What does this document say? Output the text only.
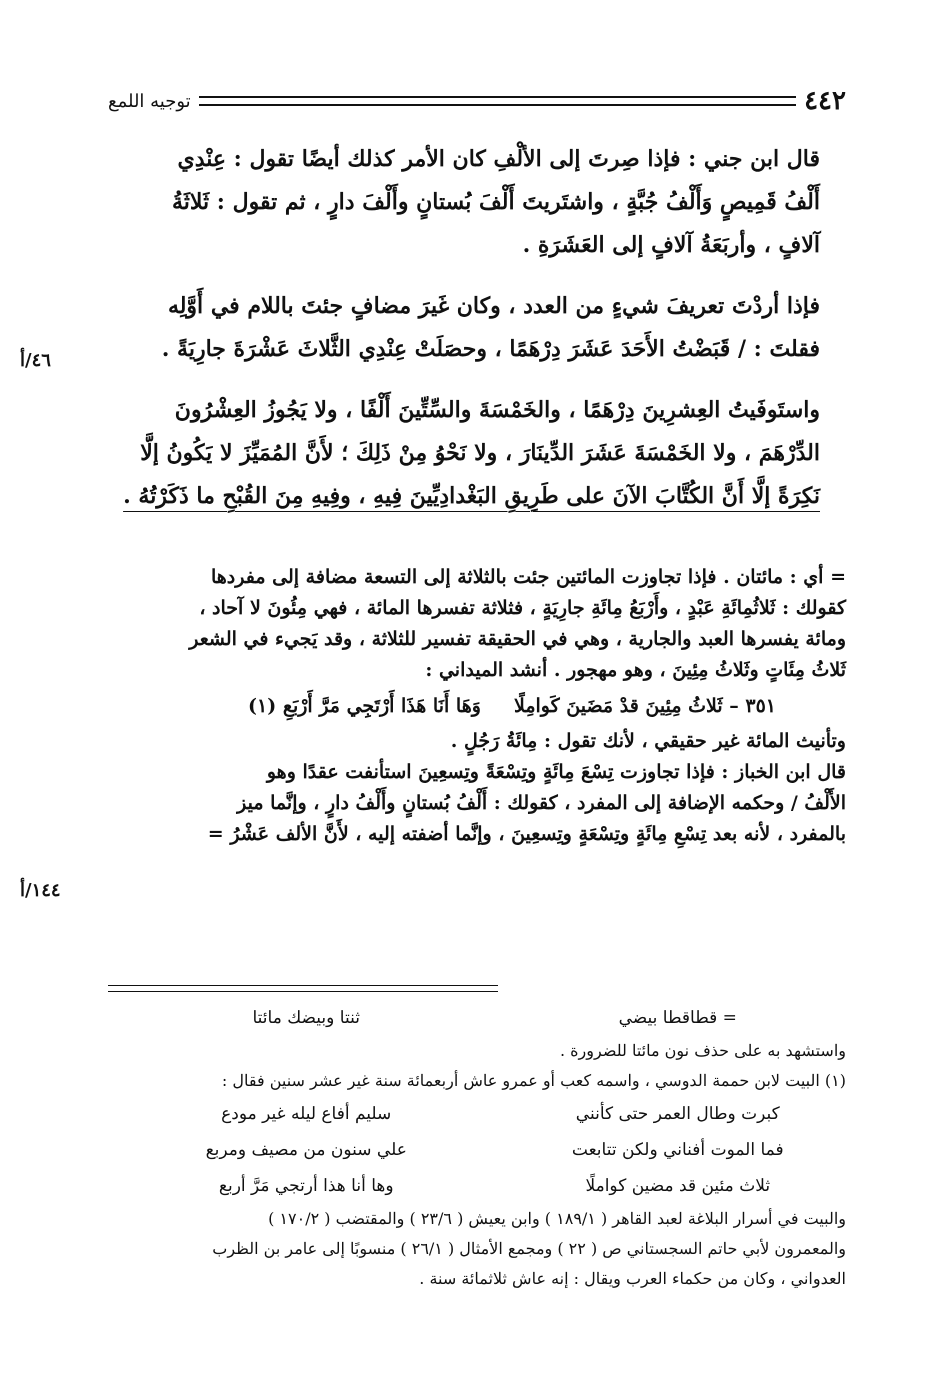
٤٤٢
توجيه اللمع
قال ابن جني : فإذا صِرتَ إلى الألْفِ كان الأمر كذلك أيضًا تقول : عِنْدِي
أَلْفُ قَمِيصٍ وَأَلْفُ جُبَّةٍ ، واشتَريتَ أَلْفَ بُستانٍ وأَلْفَ دارٍ ، ثم تقول : ثَلاثَةُ
آلافٍ ، وأربَعَةُ آلافٍ إلى العَشَرَةِ .
فإذا أردْتَ تعريفَ شيءٍ من العدد ، وكان غَيرَ مضافٍ جئتَ باللام في أَوَّلِه
فقلتَ : / قَبَضْتُ الأَحَدَ عَشَرَ دِرْهَمًا ، وحصَلَتْ عِنْدِي الثَّلاثَ عَشْرَةَ جارِيَةً .
واستَوفَيتُ العِشرِينَ دِرْهَمًا ، والخَمْسَةَ والسِّتِّينَ أَلْفًا ، ولا يَجُوزُ العِشْرُونَ
الدِّرْهَمَ ، ولا الخَمْسَةَ عَشَرَ الدِّينَارَ ، ولا نَحْوُ مِنْ ذَلِكَ ؛ لأَنَّ المُمَيِّزَ لا يَكُونُ إلَّا
نَكِرَةً إلَّا أَنَّ الكُتَّابَ الآنَ على طَرِيقِ البَغْدادِيِّينَ فِيهِ ، وفِيهِ مِنَ القُبْحِ ما ذَكَرْتُهُ .
٤٦/أ
= أي : مائتان . فإذا تجاوزت المائتين جئت بالثلاثة إلى التسعة مضافة إلى مفردها
كقولك : ثَلاثُمِائَةِ عَبْدٍ ، وأَرْبَعُ مِائَةِ جارِيَةٍ ، فثلاثة تفسرها المائة ، فهي مِئُونَ لا آحاد ،
ومائة يفسرها العبد والجارية ، وهي في الحقيقة تفسير للثلاثة ، وقد يَجيء في الشعر
ثَلاثُ مِئَاتٍ وثَلاثُ مِئِينَ ، وهو مهجور . أنشد الميداني :
٣٥١ – ثَلاثُ مِئِينَ قدْ مَضَينَ كَوامِلًا
وَهَا أَنَا هَذَا أَرْتَجِي مَرَّ أَرْبَعِ (١)
وتأنيث المائة غير حقيقي ، لأنك تقول : مِائَةُ رَجُلٍ .
قال ابن الخباز : فإذا تجاوزت تِسْعَ مِائَةٍ وتِسْعَةً وتِسعِينَ استأنفت عقدًا وهو
الأَلْفُ / وحكمه الإضافة إلى المفرد ، كقولك : أَلْفُ بُستانٍ وأَلْفُ دارٍ ، وإنَّما ميز
بالمفرد ، لأنه بعد تِسْعِ مِائَةٍ وتِسْعَةٍ وتِسعِينَ ، وإنَّما أضفته إليه ، لأَنَّ الألف عَشْرُ =
١٤٤/أ
= قطاقطا بيضي
ثنتا وبيضك مائتا
واستشهد به على حذف نون مائتا للضرورة .
(١) البيت لابن حممة الدوسي ، واسمه كعب أو عمرو عاش أربعمائة سنة غير عشر سنين فقال :
كبرت وطال العمر حتى كأنني
سليم أفاع ليله غير مودع
فما الموت أفناني ولكن تتابعت
علي سنون من مصيف ومربع
ثلاث مئين قد مضين كواملًا
وها أنا هذا أرتجي مَرَّ أربع
والبيت في أسرار البلاغة لعبد القاهر ( ١٨٩/١ ) وابن يعيش ( ٢٣/٦ ) والمقتضب ( ١٧٠/٢ )
والمعمرون لأبي حاتم السجستاني ص ( ٢٢ ) ومجمع الأمثال ( ٢٦/١ ) منسوبًا إلى عامر بن الظرب
العدواني ، وكان من حكماء العرب ويقال : إنه عاش ثلاثمائة سنة .
